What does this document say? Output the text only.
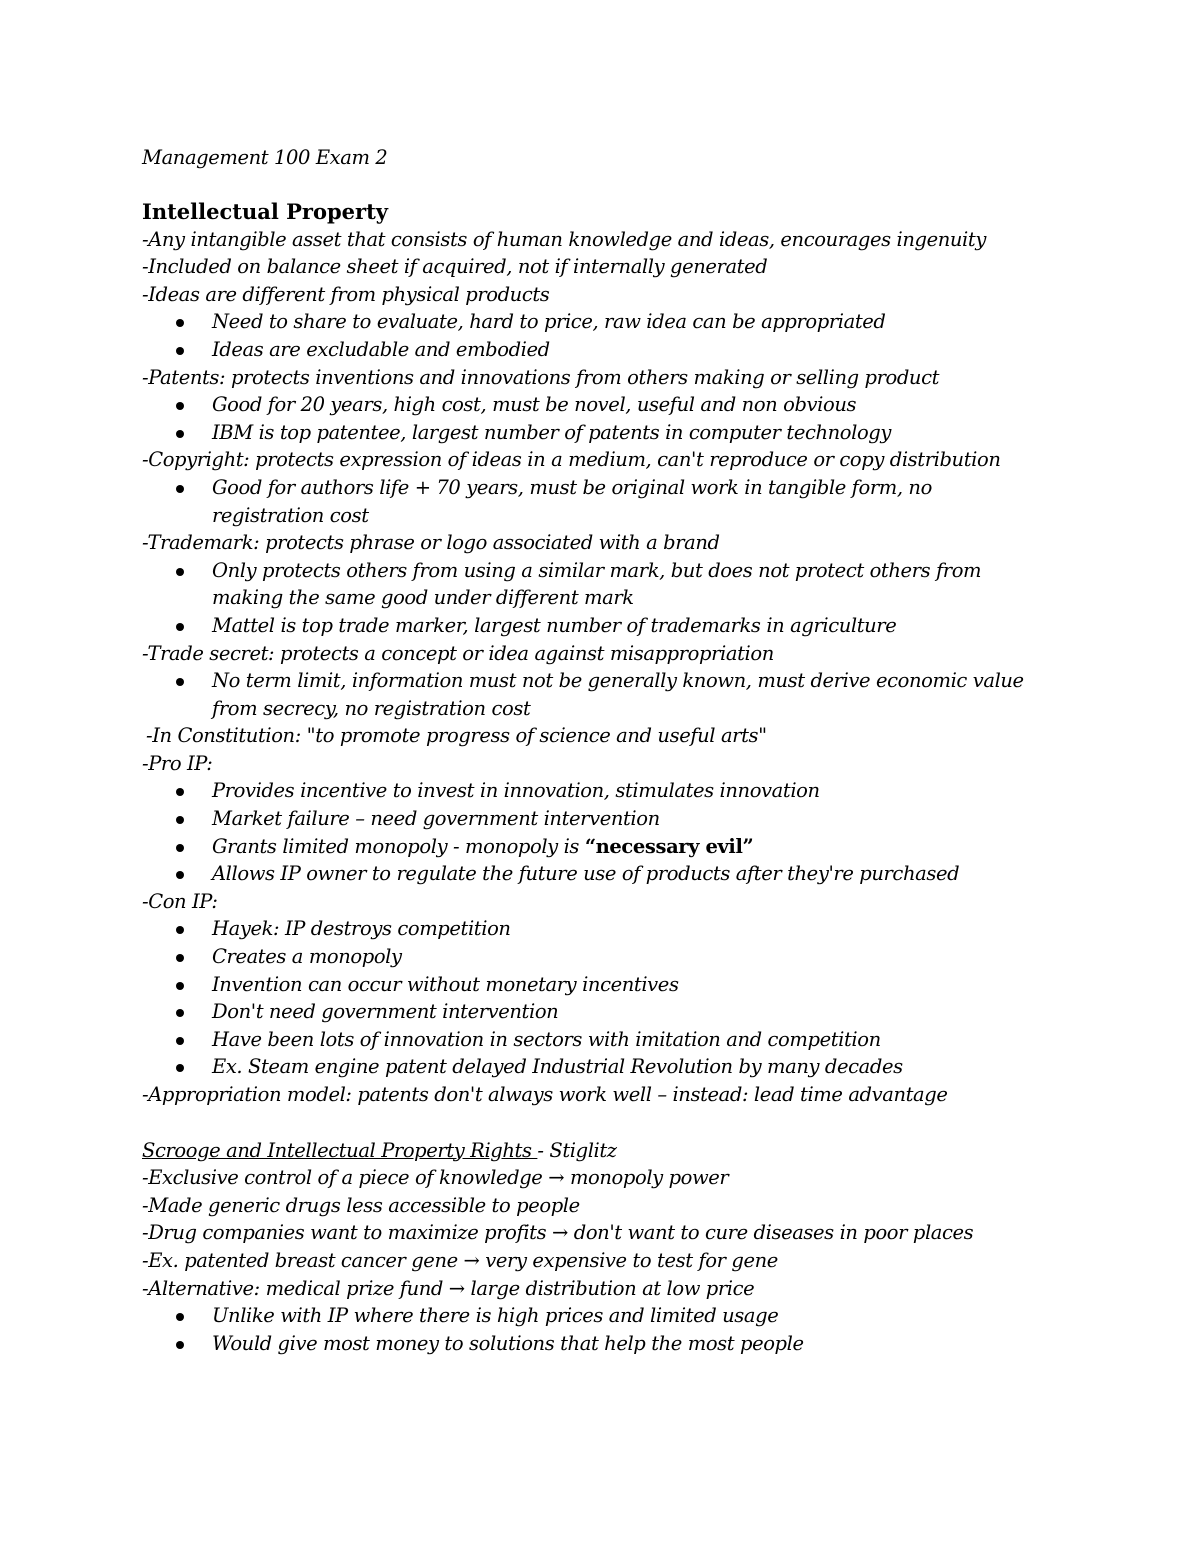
Management 100 Exam 2
Intellectual Property
-Any intangible asset that consists of human knowledge and ideas, encourages ingenuity
-Included on balance sheet if acquired, not if internally generated
-Ideas are different from physical products
Need to share to evaluate, hard to price, raw idea can be appropriated
Ideas are excludable and embodied
-Patents: protects inventions and innovations from others making or selling product
Good for 20 years, high cost, must be novel, useful and non obvious
IBM is top patentee, largest number of patents in computer technology
-Copyright: protects expression of ideas in a medium, can't reproduce or copy distribution
Good for authors life + 70 years, must be original work in tangible form, no
registration cost
-Trademark: protects phrase or logo associated with a brand
Only protects others from using a similar mark, but does not protect others from
making the same good under different mark
Mattel is top trade marker, largest number of trademarks in agriculture
-Trade secret: protects a concept or idea against misappropriation
No term limit, information must not be generally known, must derive economic value
from secrecy, no registration cost
-In Constitution: "to promote progress of science and useful arts"
-Pro IP:
Provides incentive to invest in innovation, stimulates innovation
Market failure – need government intervention
Grants limited monopoly - monopoly is “necessary evil”
Allows IP owner to regulate the future use of products after they're purchased
-Con IP:
Hayek: IP destroys competition
Creates a monopoly
Invention can occur without monetary incentives
Don't need government intervention
Have been lots of innovation in sectors with imitation and competition
Ex. Steam engine patent delayed Industrial Revolution by many decades
-Appropriation model: patents don't always work well – instead: lead time advantage
Scrooge and Intellectual Property Rights - Stiglitz
-Exclusive control of a piece of knowledge → monopoly power
-Made generic drugs less accessible to people
-Drug companies want to maximize profits → don't want to cure diseases in poor places
-Ex. patented breast cancer gene → very expensive to test for gene
-Alternative: medical prize fund → large distribution at low price
Unlike with IP where there is high prices and limited usage
Would give most money to solutions that help the most people
